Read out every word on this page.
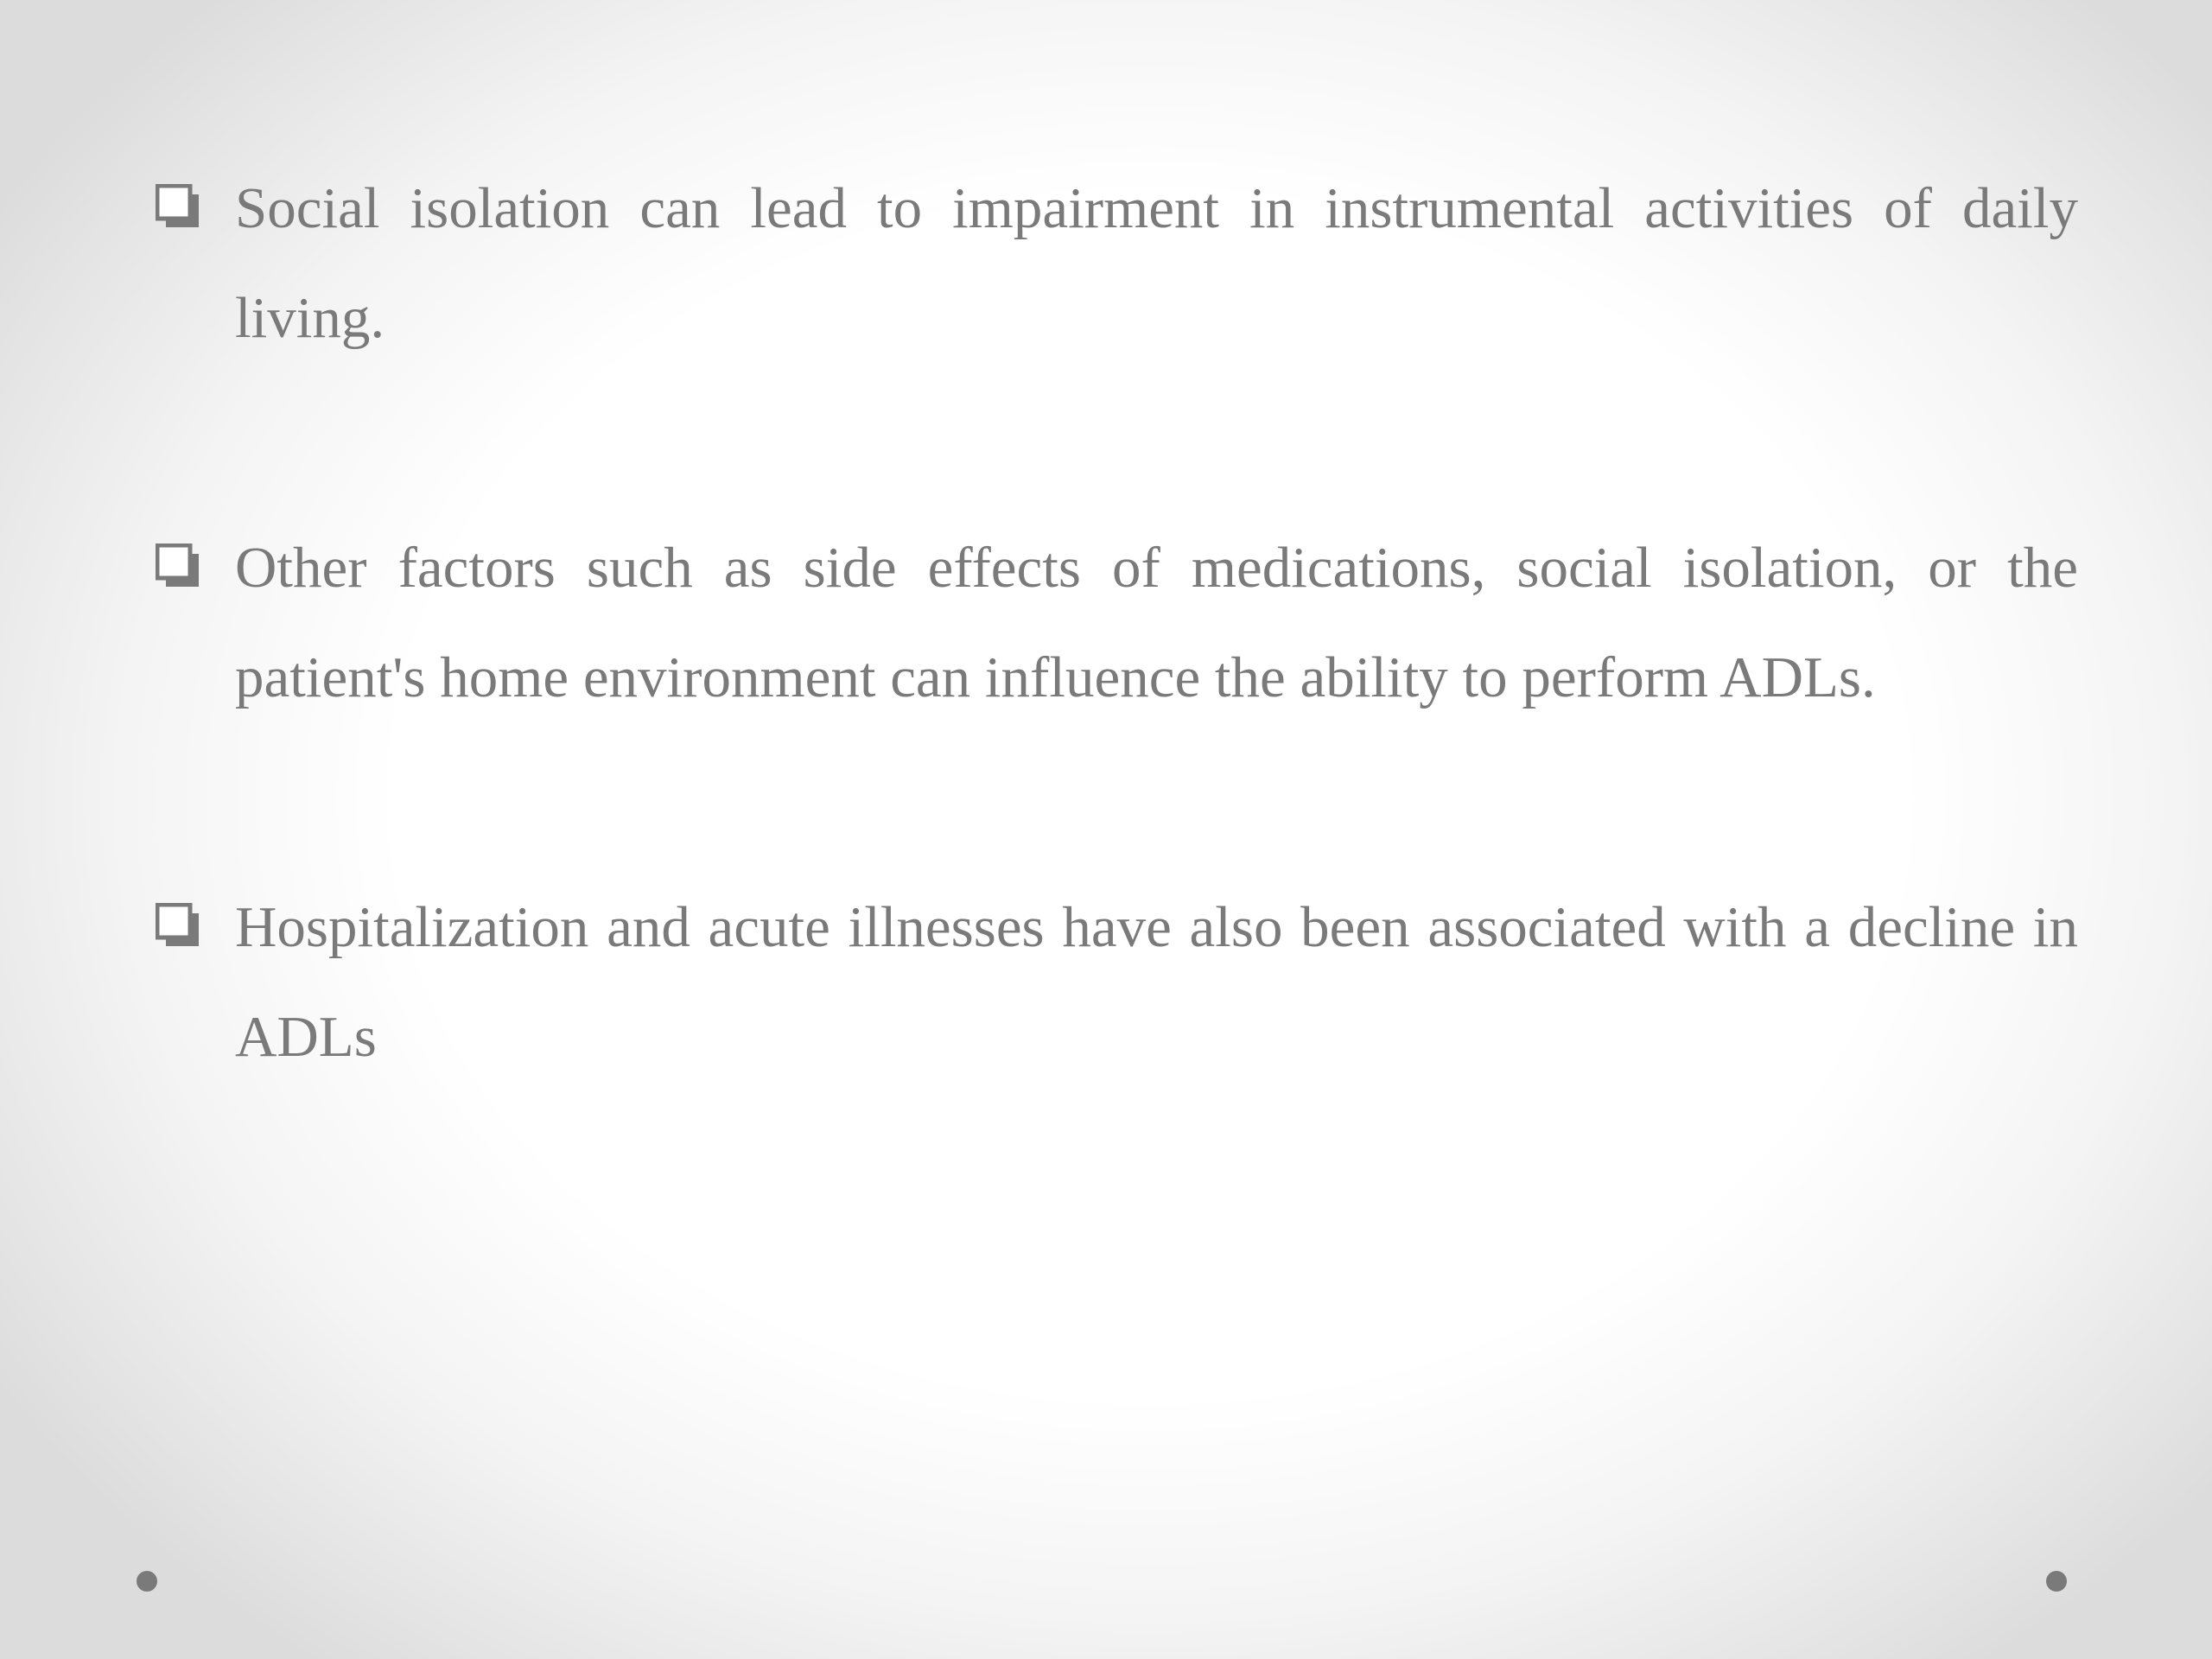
Social isolation can lead to impairment in instrumental activities of daily living.
Other factors such as side effects of medications, social isolation, or the patient's home environment can influence the ability to perform ADLs.
Hospitalization and acute illnesses have also been associated with a decline in ADLs
